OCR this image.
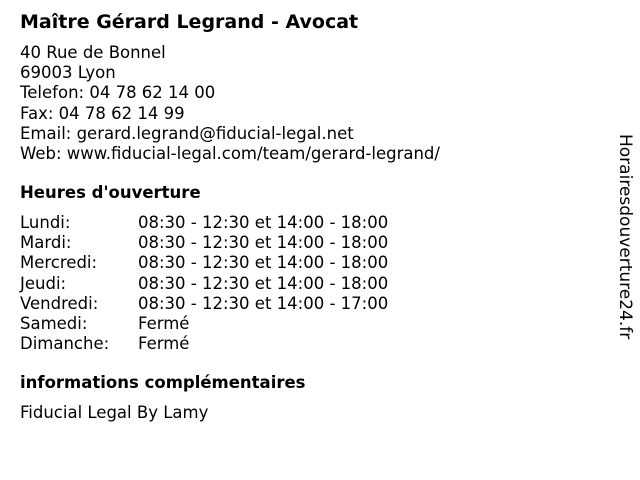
Maître Gérard Legrand - Avocat
40 Rue de Bonnel
69003 Lyon
Telefon: 04 78 62 14 00
Fax: 04 78 62 14 99
Email: gerard.legrand@fiducial-legal.net
Web: www.fiducial-legal.com/team/gerard-legrand/
Heures d'ouverture
Lundi:	08:30 - 12:30 et 14:00 - 18:00
Mardi:	08:30 - 12:30 et 14:00 - 18:00
Mercredi: 08:30 - 12:30 et 14:00 - 18:00
Jeudi:	08:30 - 12:30 et 14:00 - 18:00
Vendredi: 08:30 - 12:30 et 14:00 - 17:00
Samedi:	Fermé
Dimanche: Fermé
informations complémentaires
Fiducial Legal By Lamy
Horairesdouverture24.fr
